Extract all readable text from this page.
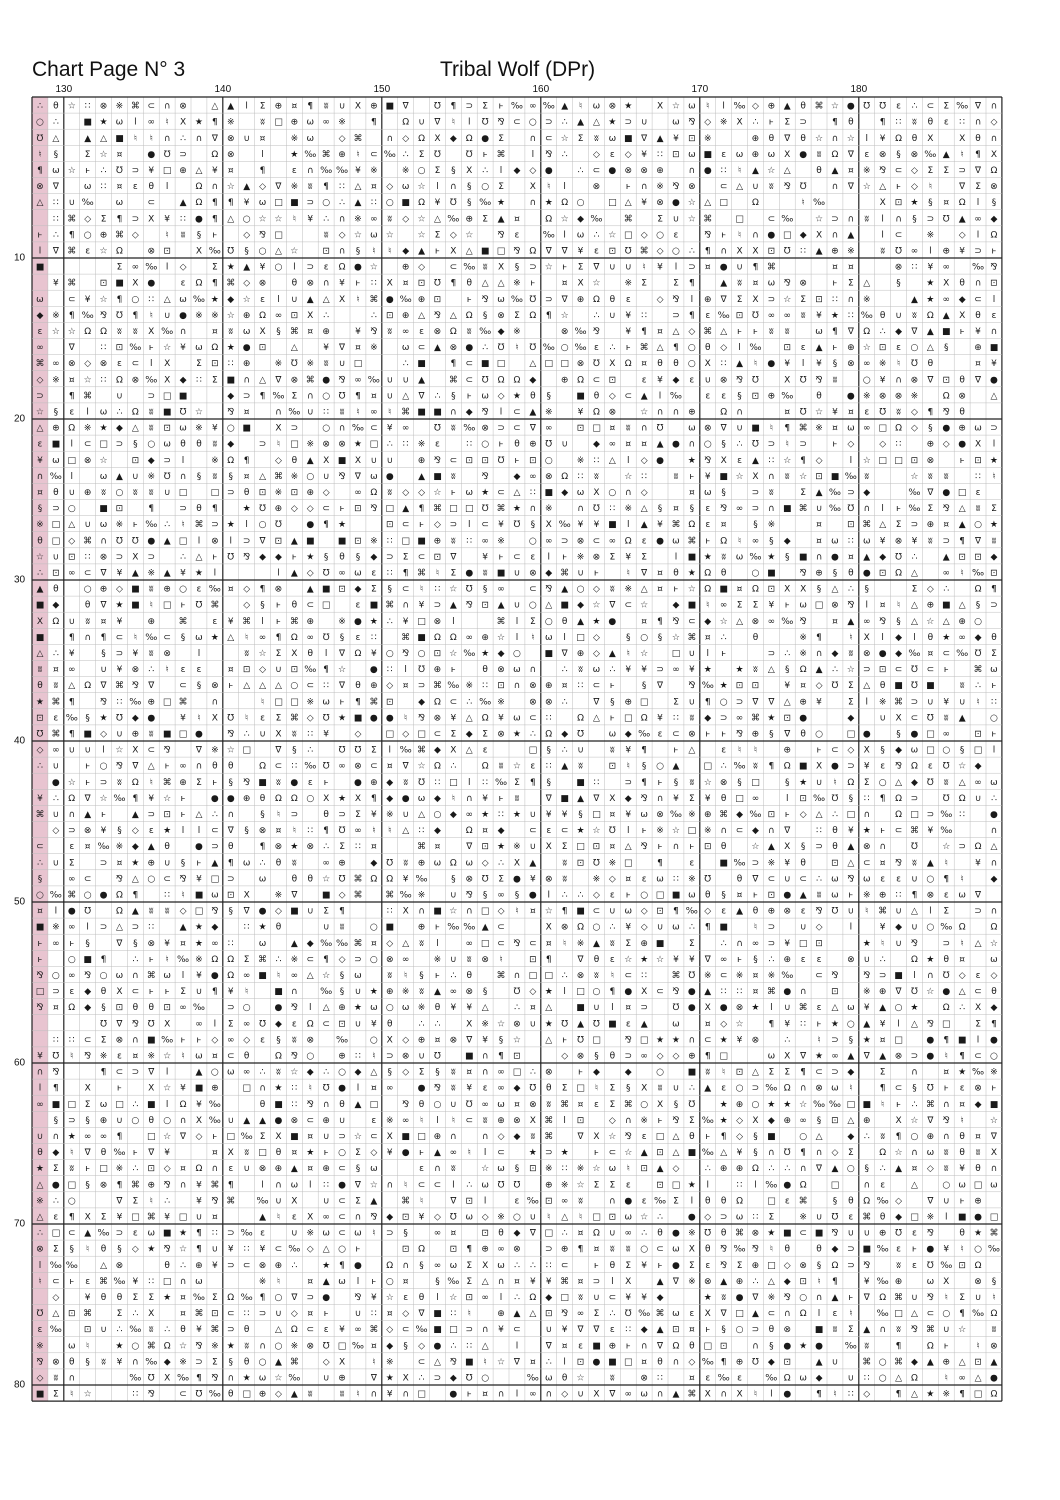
Chart Page N° 3	Tribal Wolf (DPr)
130	140	150	160	170	180
10
20
30
40
50
60
70
80
∴ θ ☆ ∷ ⊗ ※ ⌘ ⊂ ∩ ⊗	△ ▲ ⅼ Σ ⊕ ¤ ¶ ʬ ∪ Χ ⊕ ■ ∇	℧ ¶ ⊃ Σ ⱶ ‰ ∞ ‰ ▲ ♮ ω ⊗ ★	Χ ☆ ω ♮ ⅼ ‰ ◇ ⊕ ▲ θ ⌘ ☆ ● ℧ ℧ ε ∴ ⊂ Σ ‰ ∇ ∩
○ ∴	■ ★ ω ⅼ ∞ ♮ Χ ★ ¶ ※	ʬ □ ⊕ ω ∞ ※	¶	Ω ∪ ∇ ♮ ⅼ ℧ ⅋ ⊂ ○ ⊃ ∴ ▲ △ ★ ⊃ ∪	ω ⅋ ◇ ※ Χ ∴ ⱶ Σ ⊃	¶ θ	¶ ∷ ʬ θ ε ∷ ∩ ◇
℧ △	▲ △ ■ ♮ ♮ ∩ ∴ ∩ ∇ ⊗ ∪ ¤	※ ω	◇ ⌘	∩ ◇ Ω Χ ◆ Ω ● Σ	∩ ⊂ ☆ Σ ʬ ω ■ ∇ ▲ ¥ ⊡ ※	⊕ θ ∇ θ ☆ ∩ ☆ ⅼ ¥ Ω θ Χ	Χ θ ∩
♮ §	Σ ☆ ¤	● ℧ ⊃	Ω ⊗	ⅼ	★ ‰ ⌘ ⊕ ♮ ⊂ ‰ ∴ Σ ℧	℧ ⱶ ⌘	ⅼ ⅋ ∴	◇ ε ◇ ¥ ∷ ⊡ ω ■ ε ω ⊕ ω Χ ● ʬ Ω ∇ ε ⊗ § ⊗ ‰ ▲ ♮ ¶ Χ
¶ ω ☆ ⱶ ∴ ℧ ⊃ ¥ □ ⊕ △ ¥ ¤	¶	ε ∩ ‰ ‰ ¥ ※	※ ○ Σ § Χ ∴ ⅼ ◆ ◇ ●	∴ ⊂ ● ⊗ ⊗ ⊕	∩ ● ∷ ♮ ▲ ☆ △	θ ▲ ¤ ※ ⅋ ⊂ ◇ Σ Σ ⊃ ∇ Ω
⊗ ∇	ω ∷ ¤ ε θ ⅼ	Ω ∩ ☆ ▲ ◇ ∇ ※ ʬ ¶ ∷ △ ¤ ◇ ω ☆ ⅼ ∩ § ○ Σ	Χ ♮ ⅼ	⊗	ⱶ ∩ ※ ⅋ ⊗	⊂ △ ∪ ʬ ⅋ ℧	∩ ∇ ☆ △ ⱶ ◇ ♮	∇ Σ ⊗
△ ∷ ∪ ‰ ω	⊂	▲ Ω ¶ ¶ ¥ ω □ ■ ⊃ ○ ∴ ▲ ∷ ○ ■ Ω ¥ ℧ § ‰ ★	∩ ★ Ω ○	□ △ ¥ ⊗ ● ☆ △ □	Ω	♮ ‰	Χ ⊡ ★ § ¤ Ω ⅼ §
∷ ⌘ ◇ Σ ¶ ⊃ Χ ¥ ∷ ● ¶ △ ○ ☆ ☆ ♮ ¥ ∴ ∩ ※ ∞ ʬ ◇ ☆ △ ‰ ⊕ Σ ▲ ¤	Ω ☆ ◆ ‰ ⌘	Σ ∪ ☆ ⌘	□	⊂ ‰ ☆ ⊃ ∩ ʬ ⅼ ∩ § ⊃ ℧ ▲ ∞ ◆
ⱶ ∴ ¶ ○ ⊕ ⌘ ◇	♮ ʬ § ⱶ	◇ ⅋ □	ʬ ◇ ☆ ω ☆	☆ Σ ◇ ☆	⅋ ε	‰ ⅼ ω ∴ ☆ □ ◇ ○ ε	⅋ ⱶ ♮ ∩ ● □ ◆ Χ ∩ ▲	ⅼ ⊂	※	◇ ⅼ Ω
ⅼ ∇ ⌘ ε ☆ Ω	⊗ ⊡	Χ ‰ ℧ § ○ △ ☆	⊡ ∩ § ♮ ♮ ◆ ▲ ⱶ Χ △ ■ □ ⅋ Ω ∇ ∇ ¥ ε ⊡ ℧ ⌘ ◇ ○ ∴ ¶ ∩ Χ Χ ⊡ ℧ ∷ ▲ ⊕ ※	ʬ ℧ ∞ ⅼ ⊕ ¥ ⊃ ⱶ
■	Σ ∞ ‰ ⅼ ◇	Σ ★ ▲ ¥ ○ ⅼ ⊃ ε Ω ● ☆	⊕ ◇	⊂ ‰ ʬ Χ § ⊃ ☆ ⱶ Σ ∇ ∪ ∪ ♮ ¥ ⅼ ⊃ ¤ ● ∪ ¶ ⌘	¤ ¤	⊗ ∷ ¥ ∞ ‰ ⅋
¥ ⌘	⊡ ■ Χ ●	ε Ω ¶ ⌘ ◇ ⊗	θ ⊗ ∩ ¥ ⱶ ∷ Χ ¤ ⊡ ℧ ¶ θ △ △ ※ ⱶ	¤ Χ ☆	※ Σ	Σ ¶	▲ ʬ ¤ ω ⅋ ⊗	ⱶ Σ △	§	★ Χ θ ∩ ⊡
ω	⊂ ¥ ☆ ¶ ○ ∷ △ ω ‰ ★ ◆ ☆ ε ⅼ ∪ ▲ △ Χ ♮ ⌘ ● ‰ ⊕ ⊡	ⱶ ⅋ ω ‰ ℧ ⊃ ∇ ⊕ Ω θ ε	◇ ⅋ ⅼ ⊕ ∇ Σ Χ ⊃ ☆ Σ ⊡ ∷ ∩ ※	▲ ★ ∞ ◆ ⊂ ⅼ
◆ ※ ¶ ‰ ⅋ ℧ ¶ ♮ ∪ ● ※ ※ ☆ ⊕ Ω ∞ ⊡ Χ ∴	∴ ⊡ ⊕ △ ⅋ △ Ω § ⊗ Σ Ω ¶ ☆	∴ ∪ ¥ ∷	⊃ ¶ ε ‰ ⊡ ℧ ∞ ∞ ʬ ¥ ★ ∷ ‰ θ ∪ ʬ Ω ▲ Χ θ ε
ε ☆ ☆ Ω Ω ʬ ʬ Χ ‰ ∩	¤ ʬ ω Χ § ⌘ ¤ ⊕	¥ ⅋ ʬ ∞ ε ⊗ Ω ʬ ‰ ◆ ※	⊗ ‰ ⅋	¥ ¶ ¤ △ ◇ ⌘ △ ⱶ ⱶ ʬ ʬ	ω ¶ ∇ Ω ∴ ◆ ∇ ▲ ■ ⱶ ¥ ∩
∞	∇	∷ ⊡ ‰ ⱶ ☆ ¥ ω Ω ★ ● ⊡	△	¥ ∇ ¤ ※	ω ⊂ ▲ ⊗ ● ∴ ℧ ♮ ℧ ‰ ○ ‰ ε ∴ ⱶ ⌘ △ ¶ ○ θ ◇ ⅼ ‰ ⊡ ε ▲ ⱶ ⊕ ☆ ⊡ ε ○ △ §	⊕ ■
⌘ ∞ ⊗ ◇ ⊗ ε ⊂ ⅼ Χ	Σ ⊡ ∷ ⊕	※ ℧ ※ ʬ ∪ □	∴ ■	¶ ⊂ ■ □	△ □ □ ⊗ ℧ Χ Ω ¤ θ θ ○ Χ ∷ ▲ ♮ ● ¥ ⅼ ¥ § ⊗ ∞ ※ ♮ ℧ θ	¤ ¥
◇ ※ ¤ ☆ ∷ Ω ⊗ ‰ Χ ◆ ∷ Σ ■ ∩ △ ∇ ⊗ ⌘ ● ⅋ ∞ ‰ ∪ ∪ ▲	⌘ ⊂ ℧ Ω Ω ◆	⊕ Ω ⊂ ⊡	ε ¥ ◆ ε ∪ ⊗ ⅋ ℧	Χ ℧ ⅋ ʬ	○ ¥ ∩ ⊗ ∇ ⊡ θ ∇ ●
⊃	¶ ⌘	∪	⊃ □ ■	◆ ⊃ ¶ ‰ Σ ∩ ○ ℧ ¶ ¤ ∪ △ ∇ ∴ § ⱶ ω ◇ ★ θ §	■ θ ◇ ⊂ ▲ ⅼ ‰	ε ε § ⊡ ⊕ ‰	θ	● ※ ⊗ ⊗ ※	Ω ⊗	△
☆ § ε ⅼ ω ∴ Ω ʬ ■ ℧ ☆	⅋ ¤	∩ ‰ ∪ ∷ ʬ ♮ ∞ ♮ ⌘ ■ ■ ∩ ◆ ⅋ ⅼ ⊂ ▲ ※	¥ Ω ⊗	☆ ∩ ∩ ⊕	Ω ∩	¤ ℧ ☆ ¥ ¤ ε ℧ ʬ ◇ ¶ ⅋ θ
△ ⊕ Ω ※ ★ ◆ △ ʬ ⊡ ω ※ ¥ ○ ■	Χ ⊃	○ ∩ ‰ ⊂ ¥ ∞	℧ ʬ ‰ ⊗ ⊃ ⊂ ∇ ∞	⊡ □ ¤ ʬ ∩ ℧	ω ⊗ ∇ ∪ ■ ♮ ¶ ⌘ ※ ¤ ω ∞ □ Ω ◇ § ● ⊕ ω ⊃
ε ■ ⅼ ⊂ □ ⊃ § ○ ω θ θ ʬ ◆	⊃ ♮ □ ※ ⊗ ⊗ ★ □ ∴ ∷ ※ ε	∷ ○ ⱶ θ ⊕ ℧ ∪	◆ ∞ ¤ ¤ ▲ ● ∩ ○ § ∴ ℧ ⊃ ♮ ⊃	ⱶ ◇	◇ ∷	⊕ ◇ ● Χ ⅼ
¥ ω □ ⊗ ☆	⊡ ◆ ⊃ ⅼ	※ Ω ¶	◇ θ ▲ Χ ■ Χ ∪ ∪	⊕ ⅋ ⊂ ⊡ ⊡ ℧ ⱶ ⊡ ○	※ ∷ △ ⅼ ◇ ●	★ ⅋ Χ ε ▲ ∷ ☆ ¶ ◇	ⅼ ☆ □ □ ⊡ ⊗	ⱶ ⊡ ★
∩ ‰ ⅼ	ω ▲ ∪ ※ ℧ ∩ § ʬ § ¤ △ ⌘ ※ ○ ∪ ⅋ ∇ ω ●	▲ ■ ʬ	⅋	◆ ∞ ⊗ Ω ∷ ʬ	☆ ∷	ʬ ⱶ ¥ ■ ☆ Χ ∩ ʬ ☆ ⊡ ■ ‰ ʬ	☆ ʬ ʬ	∷ ♮
¤ θ ∪ ⊕ ʬ ○ ʬ ʬ ∪ □	□ ⊃ θ ⊡ ※ ⊡ ⊕ ◇	∞ Ω ʬ ◇ ◇ ☆ ⱶ ω ★ ⊂ △ ∷ ■ ◆ ω Χ ○ ∩ ◇	¤ ω §	⊃ ʬ	Σ ▲ ‰ ⊃ ◆	‰ ∇ ● □ ε
§ ⊃ ○	■ ⊡	¶	⊃ θ ¶	★ ℧ ⊕ ◇ ◇ ⊂ ⱶ ⊡ ⅋ □ ▲ ¶ ⌘ □ □ ℧ ⌘ ★ ∩ ※	∩ ℧ ∷ ※ △ § ¤ § ε ⅋ ∞ ⊃ ∩ ■ ⌘ ∪ ‰ ℧ ∩ ⅼ ⱶ ‰ Σ ⅋ △ ʬ Σ
※ □ △ ∪ ω ※ ⱶ ‰ ∴ ♮ ⌘ ⊃ ★ ⅼ ○ ℧	● ¶ ★	⊡ ⊂ ⱶ ◇ ⊃ ⅼ ⊂ ¥ ℧ § Χ ‰ ¥ ¥ ■ ⅼ ▲ ¥ ⌘ Ω ε ¤	§ ※	¤	⊡ ⌘ △ Σ ⊃ ⊕ ¤ ▲ ○ ★
θ □ ◇ ⌘ ∩ ℧ ℧ ● ▲ □ ⅼ ⊗ ⅼ ⊃ ∇ ⊡ ▲ ■	■ ⊡ ※ ∷ □ ■ ⊕ ʬ ∷ ∞ ※	○ ∞ ⊃ ⊗ ⊂ ∞ Ω ε ● ω ⌘ ⱶ Ω ♮ ∞ § ◆	¤ ω ∷ ω ¥ ⊗ ¥ ʬ ⊃ ¶ ∇ ʬ
☆ ∪ ⊡ ∷ ⊗ ⊃ Χ ⊃	∴ △ ⱶ ℧ ⅋ ◆ ◆ ⱶ ★ § θ § ◆ ⊃ Σ ⊂ ⊡ ∇	¥ ⱶ ⊂ ε ⅼ ⱶ ※ ⊗ Σ ¥ Σ	ⅼ ■ ★ ʬ ω ‰ ★ § ■ ∩ ● ¤ ▲ ◆ ℧ ∴	▲ ⊡ ⊡ ◆
∴ ⊡ ∞ ⊂ ∇ ¥ ▲ ※ ▲ ¥ ★ ⅼ	ⅼ ▲ ◇ ℧ ∞ ω ε ∷ ¶ ⌘ ♮ Σ ● ʬ ■ ∪ ⊗ ◆ ⌘ ∪ ⱶ	♮ ∇ ¤ θ ★ Ω θ	○ ■	⅋ ⊕ § θ ● ⊡ Ω △	∞ ♮ ‰ ⊡
▲ θ	○ ⊕ ◇ ■ ʬ ⊕ ○ ε ‰ ¤ ◇ ¶ ⊗	▲ ■ ⊡ ◆ Σ § ⊂ ♮ ∷ ☆ ℧ § ∞	⊂ ⅋ ▲ ○ ◇ ʬ ※ △ ¤ ⱶ ☆ Ω ■ ¤ Ω ⊡ Χ Χ § △ ∴ §	Σ ◇ ∴	Ω ¶
■ ◆	θ ∇ ★ ■ ♮ □ ⱶ ℧ ⌘	◇ § ⱶ θ ⊂ □	ε ■ ⌘ ∩ ¥ ⊃ ▲ ⅋ ⊡ ▲ ∪ ○ △ ■ ◆ ☆ ∇ ⊂ ☆	◆ ■ ♮ ∞ Σ Σ ¥ ⱶ ω □ ⊗ ⅋ ⅼ ¤ ♮ △ ⊕ ■ △ § ⊃
Χ Ω ∪ ʬ ¤ ¥	⊕	⌘	ε ¥ ⌘ ⅼ ⱶ ⌘ ⊕	※ ● ★ ∴ ¥ □ ⊗ ⅼ	⌘ ⅼ Σ ○ θ ▲ ★ ●	¤ ¶ ⅋ ⊂ ◆ ☆ △ ⊗ ∞ ‰ ⅋	¤ ▲ ∞ ⅋ § △ ☆ △ ⊕ ○
■	¶ ∩ ¶ ⊂ ♮ ‰ ⊂ § ω ★ △ ♮ ∞ ¶ Ω ∞ ℧ § ε ∷	⌘ ■ Ω Ω ∞ ⊕ ☆ ⅼ ♮ ω ⅼ □ ◇	§ ○ § ☆ ⌘ ¤ ∴	θ	※ ¶	♮ Χ ⅼ ◆ ⅼ θ ★ ∞ ◆ θ
△ ∴ ¥	§ ⊃ ¥ ʬ ⊗	ⅼ	ʬ ☆ Σ Χ θ ⅼ ∇ Ω ¥ ○ ⅋ ○ ⊡ ☆ ‰ ★ ◆ ○	■ ∇ ⊕ ◇ ▲ ♮ ☆	□ ∪ ⅼ ⱶ	⊃ ∴ ※ ∩ ◆ ʬ ⊗ ● ◆ ‰ ¤ ⊂ ‰ ℧ Σ
ʬ ¤ ∞	∪ ¥ ⊗ ∴ ♮ ε ε	¤ ⊡ ◇ ∪ ⊡ ‰ ¶ ☆	● ∷ ⅼ ℧ ⊕ ⱶ	θ ⊗ ω ∩	∴ ʬ ω ∴ ¥ ¥ ⊃ ∞ ¥ ★	★ ʬ △ § Ω ▲ ∴ ☆ ⊃ ⊡ ⊂ ℧ ⊂ ⱶ	⌘ ω
θ ʬ △ Ω ∇ ⌘ ⅋ ∇	⊂ § ⊗ ⱶ △ △ △ ○ ⊂ ∷ ∇ θ ⊕ ◇ ¤ ⊃ ⌘ ‰ ※ ∷ ⊡ ∩ ⊗ ⊕ ¤ ∷ ⊂ ⱶ	§ ∇	⅋ ‰ ★ ⊡ ⊡	¥ ¤ ◇ ℧ Σ △ θ ■ ℧ ■	ʬ ∴ ⱶ
★ ⌘ ¶	⅋ ∷ ‰ ⊕ □ ⌘	∩	♮ □ □ ※ ω ⱶ ¶ ⌘ ⊡	◆ Ω ⊂ ∴ ‰ ※	⊗ ⊗ ∴	∇ § ⊕ □	Σ ∪ ¶ ○ ⊃ ∇ ∇ △ ⊕ ¥	Σ ⅼ ※ ⌘ ⊃ ∪ ¥ ∪ ♮ ∷
⊡ ε ‰ § ★ ℧ ◆ ●	¥ ♮ Χ ℧ ♮ ε Σ ⌘ ◇ ℧ ★ ■ ● ● ♮ ⅋ ⊗ ¥ △ Ω ¥ ω ⊂ ∷	Ω △ ⱶ □ Ω ¥ ∷ ʬ ◆ ⊃ ∞ ⌘ ★ ⊡ ●	◆	∪ Χ ⊂ ℧ ʬ ▲	○
℧ ⌘ ¶ ■ ◇ ∪ ⊕ ʬ ■ □ ●	⅋ ∴ ∪ Χ ʬ ∷ ¥	◇	□ ◇ □ ⊂ Σ ◆ Σ ⊗ ★ ∴ Ω ◆ ℧	ω ◆ ‰ ε ⊂ ⊗ ⱶ ⱶ ⅋ ⊕ § ∇ θ ○	□ ●	§ ● □ ∞	⊡ ⱶ
◇ ∞ ∪ ∪ ⅼ ☆ Χ ⊂ ⅋	∇ ※ ☆ □	∇ § ∴	℧ ℧ Σ ⅼ ‰ ⌘ ◆ Χ △ ε	□ § ∴ ∪	ʬ ¥ ¶	ⱶ △	ε ♮ ♮	⊕	ⱶ ⊂ ◇ Χ § ◆ ω □ ○ § □ ⅼ
∴ ∪	ⱶ ○ ⅋ ∇ △ ⱶ ∞ ∩ θ θ	Ω ⊂ ∷ ‰ ℧ ∞ ⊗ ⊂ ¤ ∇ ☆ Ω ∴	Ω ʬ ☆ ε ∷ ▲ ʬ	⊡ ♮ § ○ ▲	□ ∴ ‰ ʬ ¶ Ω ■ Χ ● ⊃ ¥ ε ⅋ Ω ε ℧ ☆ ◆
● ☆ ⱶ ⊃ ʬ Ω ♮ ⌘ ⊕ Σ ⱶ § ⅋ ■ ʬ ● ε ⱶ	● ⊕ ◆ ʬ ℧ ∷ □ ⅼ ∷ ‰ Σ ¶ §	■ ∷	⊃ ¶ ⱶ § ʬ ☆ ⊗ § □	§ ★ ∪ ♮ Ω Σ ○ △ ◆ ℧ ʬ △ ∞ ω
¥ ∴ Ω ∇ ☆ ‰ ¶ ¥ ☆ ⱶ	● ● ⊕ θ Ω Ω ○ Χ ★ Χ ¶ ◆ ● ω ◆ ♮ ∩ ¥ ⱶ ʬ	∇ ■ ▲ ∇ Χ ◆ ⅋ ∩ ¥ Σ ¥ θ □ ∞	ⅼ ⊡ ‰ ℧ § ∷ ¶ Ω ⊃	℧ Ω ∪ ∴
⌘ ∪ ∩ ▲ ⱶ	▲ ⊃ ⊡ ⱶ △ ∴ ∩	§ ♮ ⊃	θ ⊃ Σ ¥ ※ ∪ △ ○ ◆ ∞ ★ ∷ ★ ∪ ¥ ¥ § □ ¤ ¥ ω ⊗ ‰ ※ ⊕ ⌘ ◆ ‰ ⊡ ⱶ ◇ △ ∴ □ ∩	Ω □ ⊃ ‰ ∷	●
◇ ⊃ ⊗ ¥ § ◇ ε ★ ⅼ ⅼ ⊂ ∇ § ⊗ ¤ ♮ ∷ ¶ ℧ ∞ ♮ ♮ △ ∷ ◆	Ω ¤ ◆	⊂ ε ⊂ ★ ☆ ℧ ⅼ ⱶ ※ ☆ □ ※ ∩ ⊂ ◆ ∩ ∇	∷ θ ¥ ★ ⱶ ⊂ ⌘ ¥ ‰	∩
⊂	ε ¤ ‰ ※ ◆ ▲ θ	● ⊃ θ	¶ ⊗ ★ ⊗ ∴ Σ ∷ ¤	⌘ ¤	∇ ⊡ ★ ※ ∪ Χ Σ □ ⊡ ¤ △ ⅋ ⱶ ∩ ⱶ ⊡ θ	☆ ▲ Χ § ⊃ θ ▲ ⊗ ∩	℧	☆ ⊃ Ω △
∴ ∪ Σ	⊃ ¤ ★ ⊕ ∪ § ⱶ ▲ ¶ ω ∴ θ ʬ	∞ ⊕	◆ ℧ ʬ ⊕ ω Ω ω ◇ ∴ Χ ▲	ʬ ⊡ ℧ ※ □	¶	ε	■ ‰ ⊃ ※ ¥ θ	⊡ △ ⊂ ¤ ⅋ ʬ ▲ ♮	¥ ∩
§	∞ ⊂	⅋ △ ○ ⊂ ⅋ ¥ □ ⊃	ω	θ θ ☆ ℧ ⌘ Ω Ω ¥ ‰	§ ⊗ ℧ Σ ● ¥ ⊗ ʬ	※ ◇ ¤ ε ω ∷ ※ ℧	θ ∇ ⊂ ∪ ⊂ ∴ ω ⅋ ω ε ε ∪ ○ ¶ ♮	◆
○ ‰ ⌘ ○ ● Ω ¶	∷ ♮ ■ ω ⊡ Χ	※ ∇	■ ◇ ⌘	⌘ ‰ ※	∪ ⅋ § ∞ § ● ⅼ ∴ ∴ ◇ ε ⱶ ○ □ ■ ω θ § ¤ ⱶ ⊡ ● ▲ ʬ ω ⱶ ※ ⊕ ∷ ¶ ⊗ ε ω ∇
¤ ⅼ ● ℧	Ω ▲ ʬ ʬ ◇ □ ⅋ § ∇ ● ◇ ■ ∪ Σ ¶	∷ Χ ∩ ■ ☆ ∩ □ ◇ ♮ ¤ ☆ ¶ ■ ⊂ ∪ ω ◇ ⊡ ¶ ‰ ◇ ε ▲ θ ⊕ ⊗ ε ⅋ ℧ ∪ ♮ ⌘ ∪ △ ⅼ Σ	⊃ ∩
■ ※ ∞ ⅼ ⊃ △ ⊃ ∷	▲ ★ ◆	∷ ★ θ	∪ ʬ	○ ■	⊕ ⱶ ‰ ‰ ▲ ⊂	Χ ⊗ Ω ○ ∴ ¥ ◇ ∪ ω ∴ ¶ ■	♮ ⊃	∪ ◇	ⅼ	¥ ◆ ∪ ○ ‰ Ω	Ω
ⱶ ∞ ⱶ §	∇ § ⊗ ¥ ¤ ★ ∞ ∷	ω	▲ ◆ ‰ ‰ ⌘ ¤ ◇ △ ʬ ⅼ	∞ □ ⊂ ⅋ ⊂ ¤ ♮ ※ ▲ ʬ Σ ⊕ ■	Σ	∴ ∩ ∞ ⊃ ¥ □ ⊡	★ ♮ ∪ ⅋	⊃ ♮ △ ☆
ⱶ	○ ■ ¶	∴ ⱶ ♮ ‰ ※ Ω Ω Σ ⌘ ∴ ※ ⊂ ¶ ◇ ⊃ ○ ⊗ ∞	※ ∪ ʬ ⊗ ♮	⊡ ¶	∇ θ ε ☆ ★ ☆ ¥ ¥ ∇ ∞ ⱶ § ∴ ⊕ ε ε	⊗ ∪ ∴	Ω ★ θ ¤	ω
⅋ ○ ∞ ⅋ ○ ω ∩ ⌘ ω ⅼ ¥ ● Ω ∞ ■ ♮ ∞ △ ☆ § ω	ʬ ♮ § ⱶ ∴ θ	⌘ ∩ □ □ ∴ ⊗ ʬ ♮ ⊂ ∷	⌘ ℧ ※ ⊂ ※ ¤ ※ ‰ ⊂ ⅋	⅋ ⊃ ■ ⅼ ∩ ℧ ◇ ε ◇
□ ⊃ ε ◆ θ Χ ⊂ ⱶ ⱶ Σ ∪ ¶ ¥ ♮	■ ∩ ‰ § ∪ ★ ⊕ ※ ʬ ▲ ∞ ⊗ §	℧ ◇ ★ ⅼ □ ○ ¶ ● Χ ⊂ ⅋ ● ▲ ∷ ∷ ¤ ⌘ ● ∩	⊡	※ ⊕ ∇ ℧ ☆ ● △ ⊂ θ
⅋ ¤ Ω ◆ § ⊡ θ θ ⊡ ∞ ‰ ⊃ ○	● ⅋ ⅼ △ ⊕ ★ ω ○ ω ※ θ ¥ ¥ △	∴ ¤ △	■ ∪ ⅼ ¤ ⊃	℧ ● Χ ● ⊗ ★ ⅼ ∪ ⌘ ε △ ω ¥ ▲ ○ ★	Ω ∴ Χ ◆
℧ ∇ ⅋ ℧ Χ	∞ ⅼ Σ ∞ ℧ ◆ ε Ω ⊂ ⊡ ∪ ¥ θ	∴ ∴	Χ ※ ☆ ⊗ ∪ ★ ℧ ▲ ℧ ■ ε ▲	ω	¤ ◇ ☆	¶ ¥ ∷ ⱶ ★ ○ ▲ ¥ ⅼ △ ⅋ □	Σ ¶
∷ ∷ ⊂ Σ ⊗ ∩ ■ ‰ ⱶ ⱶ ◇ ∞ ◇ ε § ʬ ⊗ ‰ ○ Χ ◇ ⊕ ¤ ⊗ ∇ ¥ § ☆	△ ⱶ ℧ □	⅋ □ ★ ★ ∩ ⊂ ★ ¥ ⊗	∴	♮ ⊃ § ★ ¤ □	● ¶ ■ ⅼ ●
¥ ℧ ♮ ⅋ ※ ε ¤ ※ ☆ ♮ ω ¤ ⊂ θ	Ω ⅋ ○	⊕ ∷ ♮ ⊃ ⊗ ∪ ℧	■ ∩ ¶ ⊡	◇ ⊗ § θ ⊃ ∞ ◇ ◇ ⊕ ¶ □	ω Χ ∇ ★ ∞ ▲ ∇ ▲ ⊗ ⊃ ● ♮ ¶ ⊂ ○
∩ ⅋	¶ ⊂ ⊃ ∇ ⅼ	▲ ○ ω ∞ ∴ ʬ ☆ ◆ ∴ ○ ◆ △ § ◇ Σ § ʬ ¤ ∩ ∞ □ ∴ ⊗	ⱶ ◆	◆	○	■ ʬ ♮ ⊡ △ Σ Σ ¶ ⊂ ⊃ ◆	Σ	∩	¤ ★ ‰ ※
ⅼ ¶	Χ	ⱶ	Χ ☆ ¥ ■ ⊕	□ ∩ ★ ∷ ♮ ℧ ● ⅼ ¤ ∞	● ⅋ ʬ ¥ ε ∞ ◆ ℧ θ Σ □ ♮ Σ § Χ ʬ ∪ ∴ ▲ ε ○ ⊃ ‰ Ω ∩ ⊗ ω ♮	¶ ⊂ § ℧ ⱶ ε ⊗ ⱶ
∞ ■ □ Σ ω □ ∴ ■ ⅼ Ω ¥ ‰	θ ■ ∷ ⅋ ∩ θ ▲ □	⅋ θ ○ ∪ ℧ ∞ ω ¤ ⊗ ʬ ⌘ ¤ ε Σ ⌘ ○ Χ § ℧	★ ⊕ ○ ★ ★ ☆ ‰ ‰ □ ■ ♮ ⱶ ∴ ⌘ ∩ ¤ ◆ ■
§ ⊃ § ⊕ ∪ ○ θ ○ ∩ Χ ‰ ∪ ▲ ▲ ● ⊗ ⊂ ⊕ ∪	ε ※ ∞ ♮ ⅼ ♮ ⊂ ʬ ⊕ ⊗ Χ ⌘ ⅼ ⊡	◇ ∩ ※ ⱶ ⅋ Σ ‰ ★ ◇ Χ ◆ ⊕ ∞ § ⊡ △ ⊕	Χ ☆ ∇ ⅋ ♮	☆
∪ ∩ ★ ∞ ∞ ¶	□ ☆ ∇ ◇ ⱶ □ ‰ Σ Χ ■ ¤ ∪ ⊃ ☆ ⊂ Χ ■ □ ⊕ ∩	∩ ◇ ◆ ʬ ⌘	∇ Χ ☆ ⅋ ε □ △ θ ⱶ ¶ ◇ § ■	○ △	◆ ∴ ʬ ¶ ○ ⊕ ∩ θ ¤ ∇
θ ◆ ♮ ∇ θ ‰ ⱶ ∇ ¥	¤ Χ ʬ □ θ ¤ ★ ⱶ ○ Σ ◇ ¥ ● ⱶ ▲ ∞ ♮ ⅼ ⊂	★ ⊃ ★	ⱶ ⊂ ☆ ▲ ⊡ △ ■ ‰ △ ¥ § ∩ ℧ ¶ ∩ ◇ Σ	Ω ☆ ∩ ω ʬ θ ʬ Χ
★ Σ ʬ ⱶ □ ※ ∴ ⊡ ◇ ¤ Ω ∩ ε ∪ ⊗ ⊕ ▲ ¤ ⊕ ⊂ § ω	ε ∩ ʬ	☆ ω § ⊡ ※ ∷ ※ ☆ ω ♮ ⊡ ▲ ◇	∴ ⊕ ⊕ Ω ∴ ∴ ∩ ∇ ▲ ○ § ∴ ▲ ¤ ◇ ʬ ¥ θ ∩
△ ● □ § ⊗ ¶ ⌘ ⊕ ⅋ ∩ ¥ ⌘ ¶	ⅼ ∩ ω ⅼ ∷ ● ∇ ☆ ∩ ♮ ⊂ ⊂ ⅼ ∴ ω ℧ ℧	⊕ ※ ☆ Σ Σ ε	⊡ □ ★ ⅼ	∷ ⅼ ‰ ● Ω	□	∩ ε	△	○ ω □ ω
※ ∴ ○	∇ Σ ♮ ∴	¥ ⅋ ⌘ ‰ ∪ Χ	∪ ⊂ Σ ▲	⌘ ♮	∇ ⊡ ⅼ	ε ‰ ⊡ ∞ ʬ	∩ ● ε ‰ Σ ⅼ θ θ Ω	□ ε ⌘	§ θ Ω ‰ ◇	∇ ∪ ⱶ ⊕
△ ε ¶ Χ Σ ¥ □ ⌘ ¥ □ ∪ ¤	▲ ♮ ε Χ ∞ ⊂ ∩ ⅋ ◆ ⊡ ¥ ◇ ℧ ω ◇ ※ ○ ∪ ♮ △ ♮ □ ⊡ ω ☆ ∴	● ◇ ⊃ ω ∷ Σ	※ ∪ ℧ ε ⌘ θ ◆ □ ※ ⅼ ■ ● □
∴ □ ⊂ ▲ ‰ ⊃ ε ω ■ ★ ¶ ∷ ⊃ ‰ ε	∪ ※ ω ⊂ ω ♮ ⊃ §	∞ ¤	⊡ θ ◆ ∇ □ ∴ ¤ Ω ∪ ∞ ∴ θ ● ※ ℧ θ ⌘ ⊗ ★ ■ ⊂ ■ ⅋ ∪ ∪ ⊕ ℧ ε ⅋	θ ★ ⌘
⊗ Σ § ♮ θ § ◇ ★ ⅋ ☆ ¶ ∪ ¥ ∷ ¥ ⊂ ‰ ◇ △ ○ ⱶ	⊡ Ω	⊡ ¶ ⊕ ∞ ⊗	⊃ ⊕ ¶ ¤ ʬ ʬ ○ ⊂ ω Χ θ ⅋ ‰ ⅋ ♮ θ	θ ◆ ⊃ ■ ‰ ε ⱶ ● ¥ ♮ ○ ‰
ⅼ ‰ ‰ △ ⊗	θ ∴ ⊕ ¥ ⊃ ⊂ ⊗ ⊕ ∴	★ ¶ ●	Ω ∩ § ∞ ω Σ Χ ω ∴ ∴ ∷ ⊂	ⱶ θ Σ ¥ ⱶ ● Σ ε ⅋ Σ ⊕ □ ◇ ⊗ § Ω ⊃ ⅋	ʬ ε ℧ ‰ ⊡ Ω
♮ ⊂ ⱶ ε ⌘ ‰ ¥ ∷ □ ∩ ω	※ ♮	¤ ▲ ω ⅼ ⱶ ○ ¤	§ ‰ Σ △ ∩ ¤ ¥ ¥ ⌘ ¤ ⊃ ⅼ Χ	▲ ∇ ※ ⊗ ▲ ⊕ ∴ △ ◆ ⊡ ♮ ¶	¥ ‰ ⊕	ω Χ	⊗ §
◇	¥ θ θ Σ Σ ★ ¤ ‰ Σ Ω ‰ ¶ ○ ∇ ⊃ ●	⅋ ¥ ☆ ε θ ⅼ ☆ ⊡ ∞ ⅼ ∴ Ω ◆ □ ʬ ∪ ⊂ ¥ ¥ ◆	★ ʬ ● ∇ ※ ⅋ ○ ∩ ▲ ⱶ ∇ Ω ⌘ ∪ ⅋ ♮ Σ ∪ ♮
℧ △ ⊡ ⌘	Σ ∴ Χ	¤ ⌘ ⊡ ⊂ ∷ ⊃ ∪ ◇ ¤ ⱶ	∪ ∷ ¤ ◇ ∇ ■ ∷ ♮	⊕ ▲ △ ⊡ ⅋ ∞ Σ ∴ ℧ ‰ ⌘ ω ε Χ ∇ □ ▲ ⊂ ∩ Ω ⅼ ε ♮	‰ □ △ ⊂ ○ ¶ ‰ Ω
ε ‰ ⊡ ∪ ∴ ‰ ʬ ∴ θ ¥ ⌘ ⊃ θ	△ Ω ⊂ ε ¥ ∞ ⌘ ◇ ⊂ ‰ ■ □ ⊃ ∩ ¥ ⊂	∪ ¥ ∇ ∇ ε ∷ ◆ ▲ ⊡ ¤ ⱶ § ○ ⊃ θ ⊗	■ ʬ Σ ▲ ∩ ʬ ⅋ ⌘ ∪ ☆	ʬ
※	ω ♮	★ ○ ⌘ Ω ☆ ⅋ ※ ★ ʬ ∩ ○ ※ ⊗ ℧ □ ‰ ¤ ◆ § ◇ ● ∴ ∷ △	ⅼ	∇ ¤ ε ■ ⊕ ⱶ ∩ ∇ Ω θ □ ⊡	∩ § ● ★ ● ‰ ʬ	¶	Ω ⱶ	♮ ⊗
⅋ ⊗ θ § ʬ ¥ ∩ ‰ ◆ ※ ⊃ Σ § θ ○ ▲ ⌘	◇ Χ	♮ ※	⊂ △ ⅋ ■ ♮ ☆ ∇ ¤ ∴ ⅼ ⊡ ● ■ □ ¤ θ ∩ ◇ ‰ ¶ ⊕ ℧ ◆ ⊡	▲ ∪	⌘ ○ ⌘ ◆ ▲ ⊕ △ ⊡ ▲
◇ ʬ ∩	‰ ℧ Χ ‰ ¶ ⅋ ∩ ★ ω ☆ ‰ ∪ ⊕	∇ ★ Χ ∴ ⊃ ◆ ℧ ○	‰ ω θ ☆	ʬ	⊗ ∷	¤ ε ‰ ε	‰ Ω ω ◆	∪ ∷ ○ △ Ω	♮ ∞ △ ●
■ Σ ♮ ☆	∷ ⅋	⊂ ℧ ‰ θ □ ⊕ ◇ ▲ ʬ	ʬ ♮ ∩ ¥ ∩ □	● ⱶ ¤ ∩ ⅼ ∞ ∩ ◇ ∪ Χ ∇ ∞ ω ∩ ▲ ⌘ Χ ∩ Χ ♮ ⅼ ●	¶ ♮ ∷ ◇	¶ △ ★ ※ ¶ □ Ω
